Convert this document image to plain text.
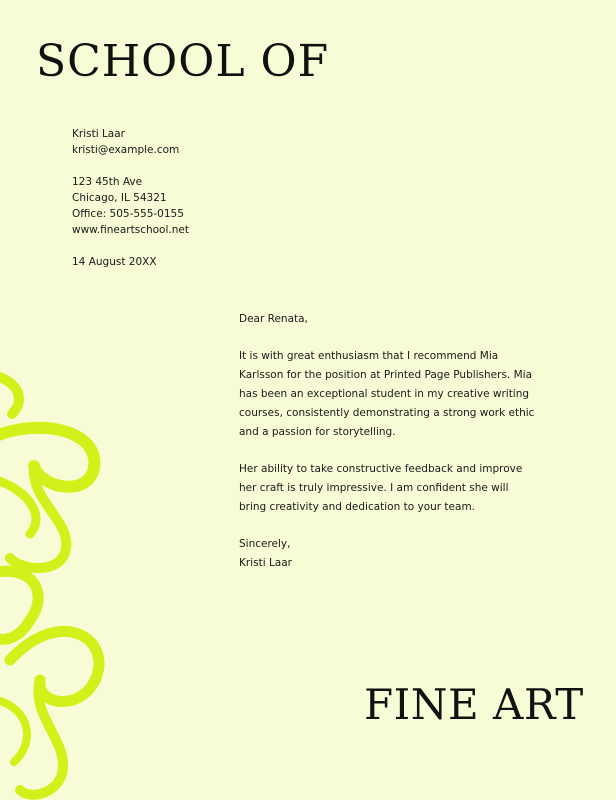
SCHOOL OF
Kristi Laar
kristi@example.com
123 45th Ave
Chicago, IL 54321
Office: 505-555-0155
www.fineartschool.net
14 August 20XX

Dear Renata,

It is with great enthusiasm that I recommend Mia Karlsson for the position at Printed Page Publishers. Mia has been an exceptional student in my creative writing courses, consistently demonstrating a strong work ethic and a passion for storytelling.

Her ability to take constructive feedback and improve her craft is truly impressive. I am confident she will bring creativity and dedication to your team.

Sincerely,

Kristi Laar

FINE ART
